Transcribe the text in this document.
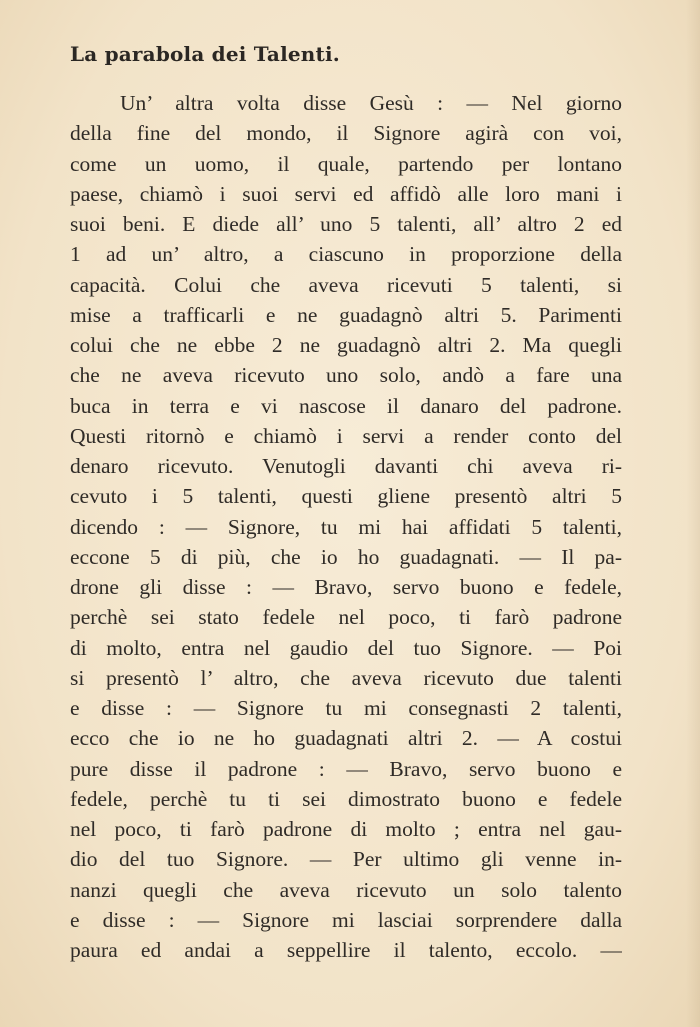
La parabola dei Talenti.
Un’ altra volta disse Gesù : — Nel giorno
della fine del mondo, il Signore agirà con voi,
come un uomo, il quale, partendo per lontano
paese, chiamò i suoi servi ed affidò alle loro mani i
suoi beni. E diede all’ uno 5 talenti, all’ altro 2 ed
1 ad un’ altro, a ciascuno in proporzione della
capacità. Colui che aveva ricevuti 5 talenti, si
mise a trafficarli e ne guadagnò altri 5. Parimenti
colui che ne ebbe 2 ne guadagnò altri 2. Ma quegli
che ne aveva ricevuto uno solo, andò a fare una
buca in terra e vi nascose il danaro del padrone.
Questi ritornò e chiamò i servi a render conto del
denaro ricevuto. Venutogli davanti chi aveva ri-
cevuto i 5 talenti, questi gliene presentò altri 5
dicendo : — Signore, tu mi hai affidati 5 talenti,
eccone 5 di più, che io ho guadagnati. — Il pa-
drone gli disse : — Bravo, servo buono e fedele,
perchè sei stato fedele nel poco, ti farò padrone
di molto, entra nel gaudio del tuo Signore. — Poi
si presentò l’ altro, che aveva ricevuto due talenti
e disse : — Signore tu mi consegnasti 2 talenti,
ecco che io ne ho guadagnati altri 2. — A costui
pure disse il padrone : — Bravo, servo buono e
fedele, perchè tu ti sei dimostrato buono e fedele
nel poco, ti farò padrone di molto ; entra nel gau-
dio del tuo Signore. — Per ultimo gli venne in-
nanzi quegli che aveva ricevuto un solo talento
e disse : — Signore mi lasciai sorprendere dalla
paura ed andai a seppellire il talento, eccolo. —
